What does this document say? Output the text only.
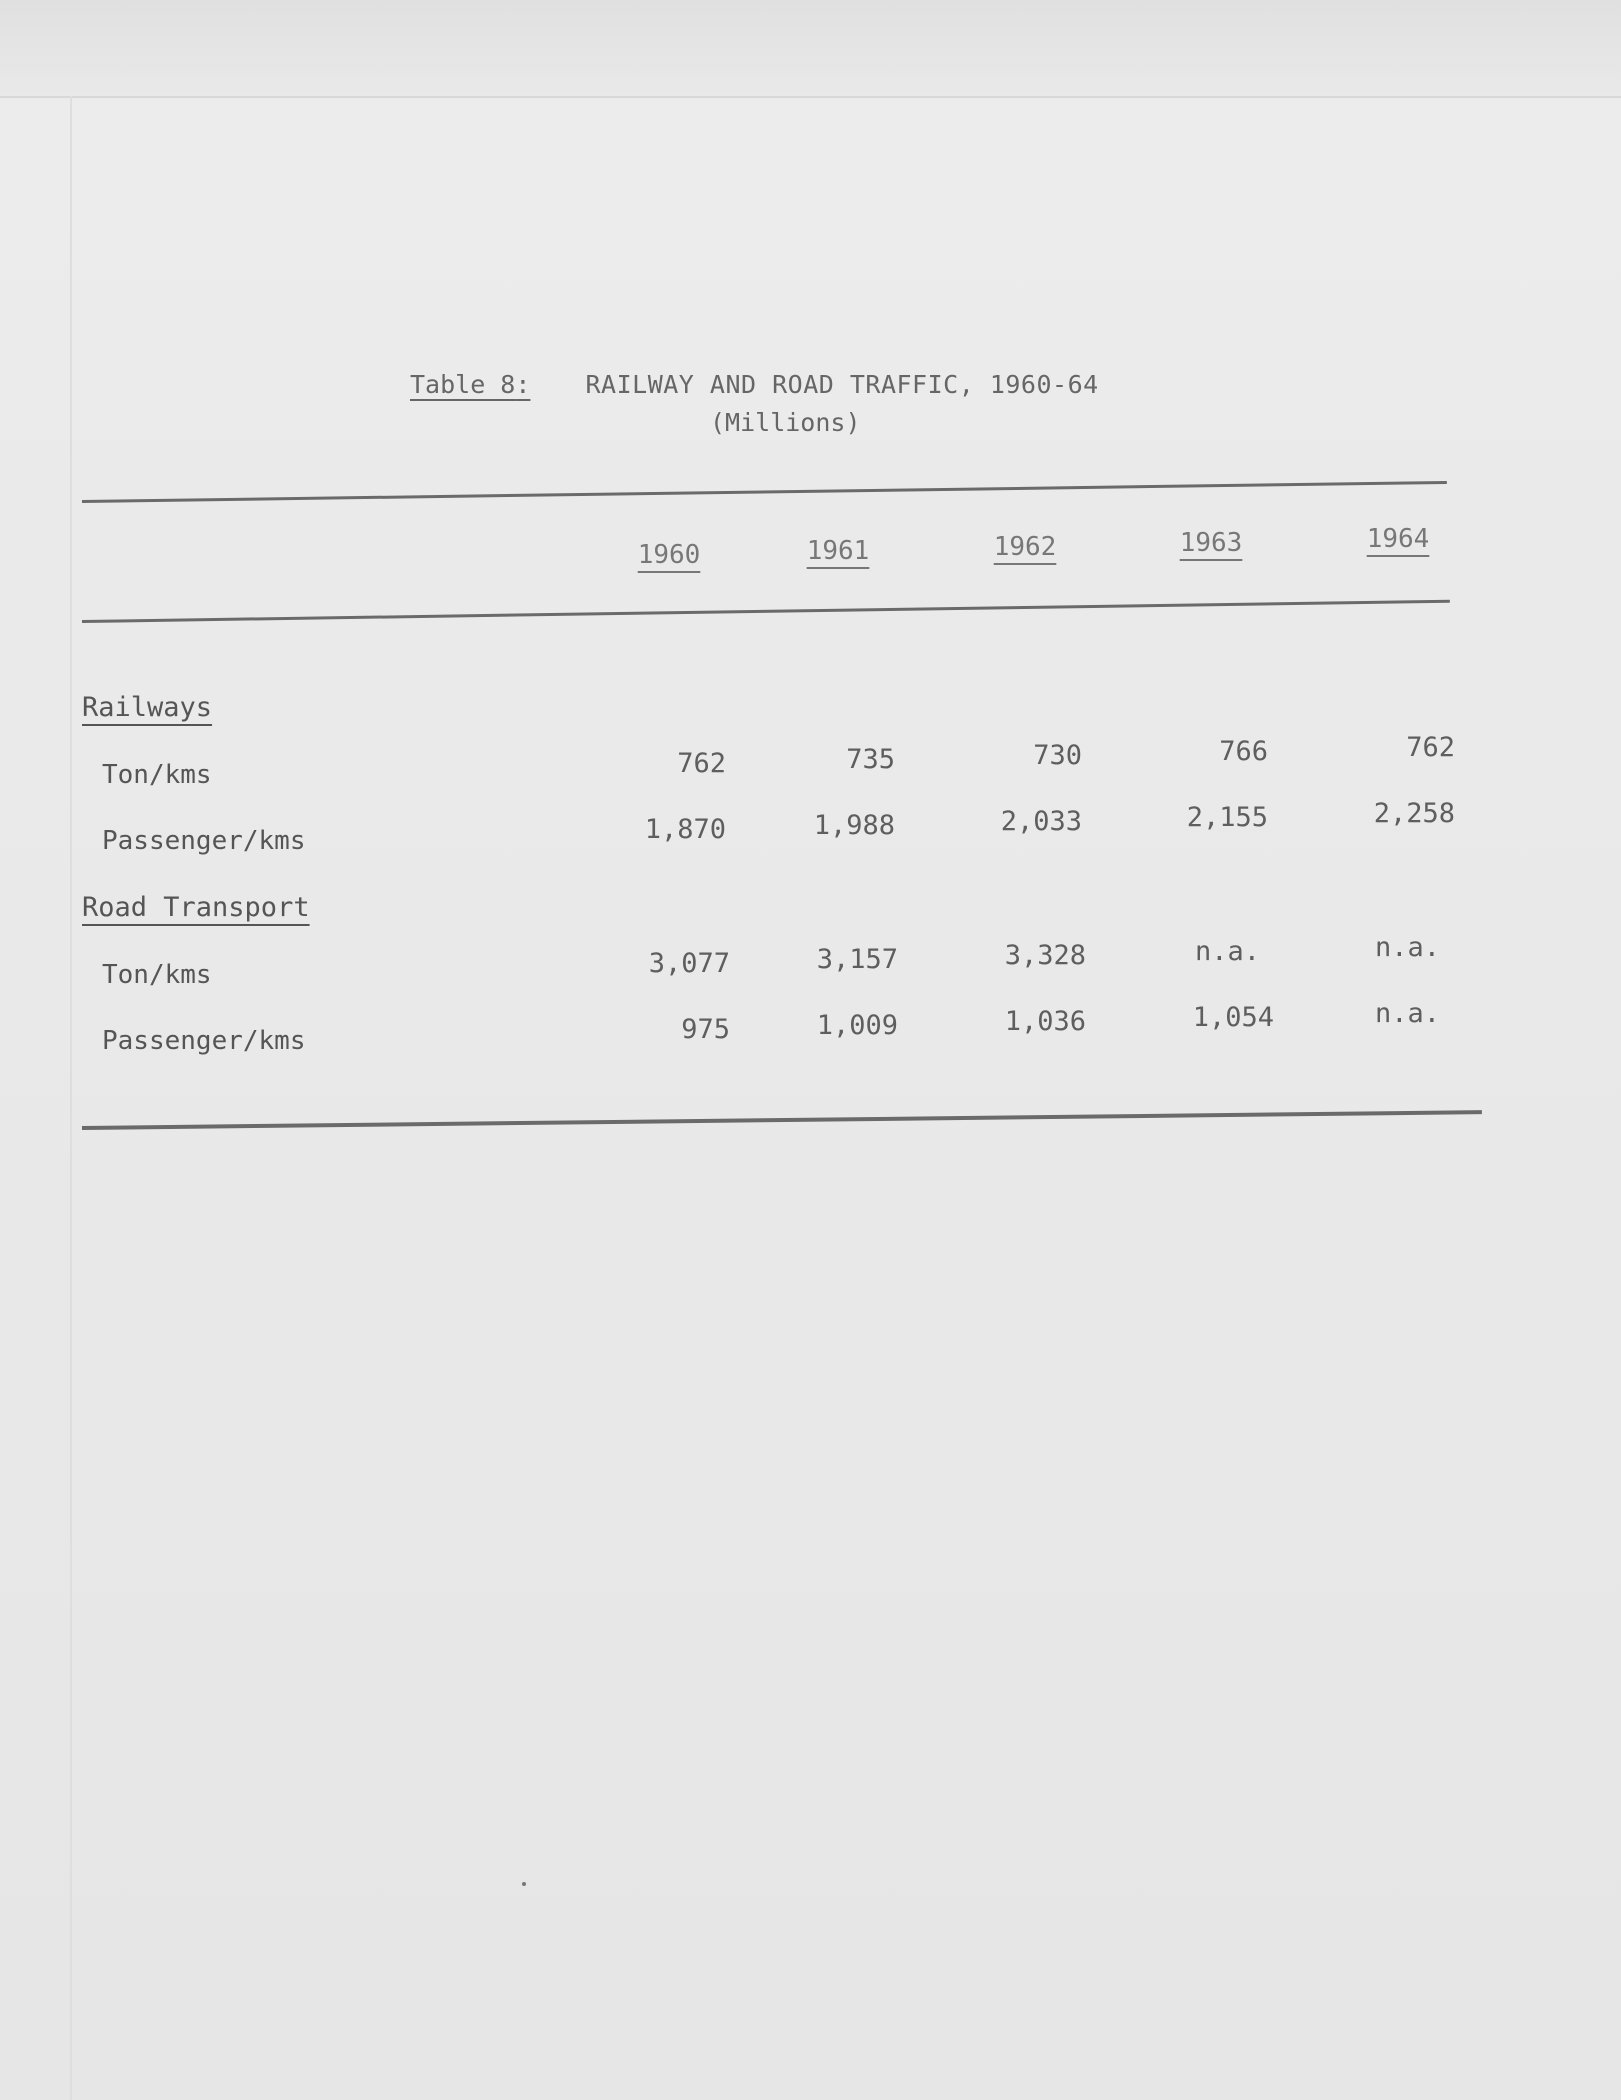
Table 8: RAILWAY AND ROAD TRAFFIC, 1960-64
(Millions)
1960	1961	1962	1963	1964
Railways
Ton/kms	762	735	730	766	762
Passenger/kms	1,870	1,988	2,033	2,155	2,258
Road Transport
Ton/kms	3,077	3,157	3,328	n.a.	n.a.
Passenger/kms	975	1,009	1,036	1,054	n.a.
